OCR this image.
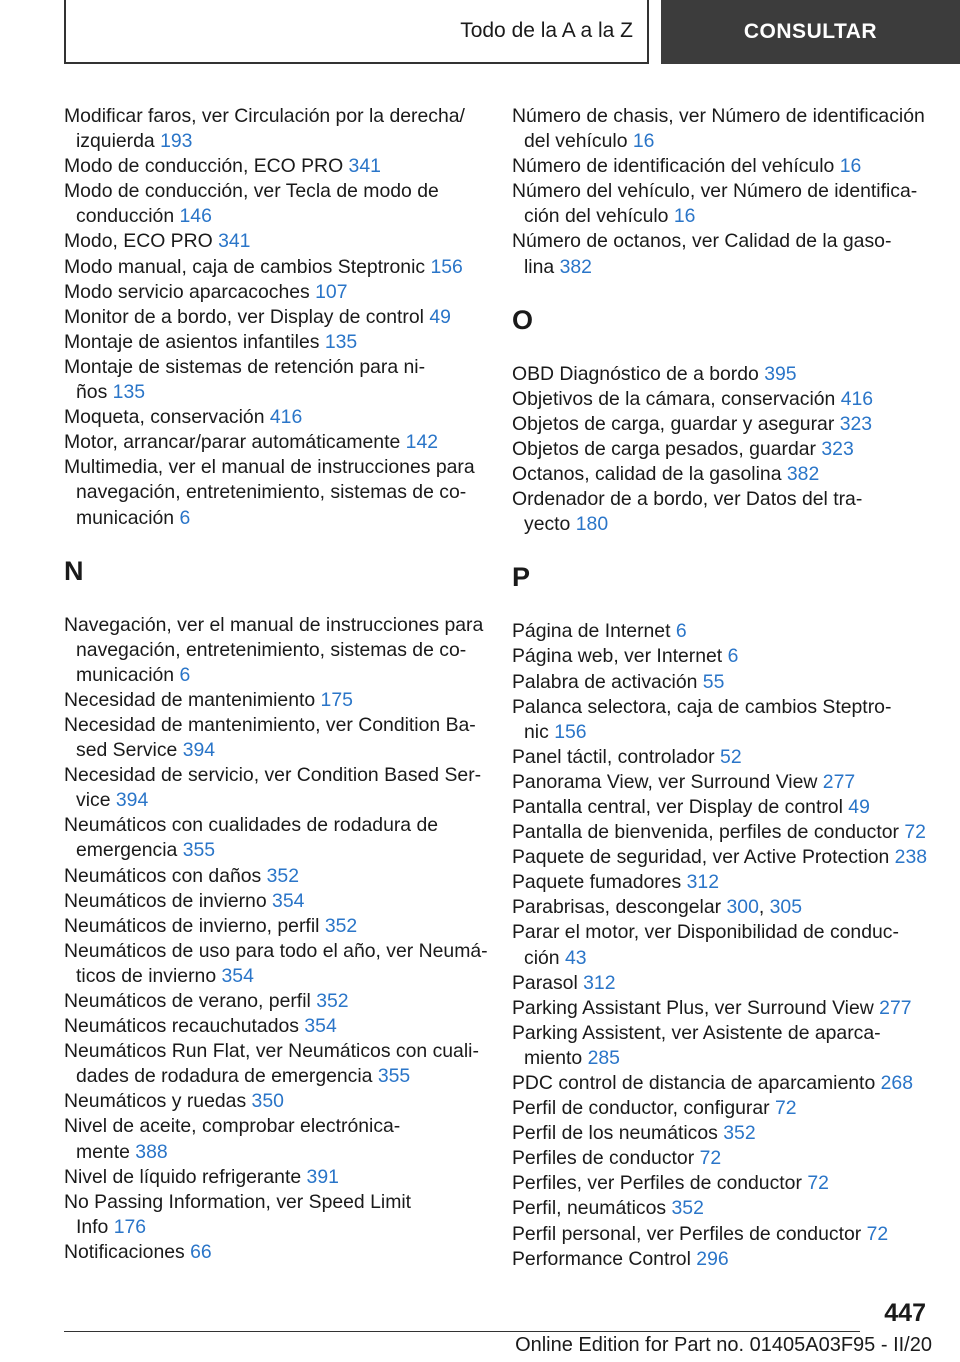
Todo de la A a la Z	CONSULTAR
Modificar faros, ver Circulación por la derecha/
izquierda 193
Modo de conducción, ECO PRO 341
Modo de conducción, ver Tecla de modo de
conducción 146
Modo, ECO PRO 341
Modo manual, caja de cambios Steptronic 156
Modo servicio aparcacoches 107
Monitor de a bordo, ver Display de control 49
Montaje de asientos infantiles 135
Montaje de sistemas de retención para ni-
ños 135
Moqueta, conservación 416
Motor, arrancar/parar automáticamente 142
Multimedia, ver el manual de instrucciones para
navegación, entretenimiento, sistemas de co-
municación 6
N
Navegación, ver el manual de instrucciones para
navegación, entretenimiento, sistemas de co-
municación 6
Necesidad de mantenimiento 175
Necesidad de mantenimiento, ver Condition Ba-
sed Service 394
Necesidad de servicio, ver Condition Based Ser-
vice 394
Neumáticos con cualidades de rodadura de
emergencia 355
Neumáticos con daños 352
Neumáticos de invierno 354
Neumáticos de invierno, perfil 352
Neumáticos de uso para todo el año, ver Neumá-
ticos de invierno 354
Neumáticos de verano, perfil 352
Neumáticos recauchutados 354
Neumáticos Run Flat, ver Neumáticos con cuali-
dades de rodadura de emergencia 355
Neumáticos y ruedas 350
Nivel de aceite, comprobar electrónica-
mente 388
Nivel de líquido refrigerante 391
No Passing Information, ver Speed Limit
Info 176
Notificaciones 66
Número de chasis, ver Número de identificación
del vehículo 16
Número de identificación del vehículo 16
Número del vehículo, ver Número de identifica-
ción del vehículo 16
Número de octanos, ver Calidad de la gaso-
lina 382
O
OBD Diagnóstico de a bordo 395
Objetivos de la cámara, conservación 416
Objetos de carga, guardar y asegurar 323
Objetos de carga pesados, guardar 323
Octanos, calidad de la gasolina 382
Ordenador de a bordo, ver Datos del tra-
yecto 180
P
Página de Internet 6
Página web, ver Internet 6
Palabra de activación 55
Palanca selectora, caja de cambios Steptro-
nic 156
Panel táctil, controlador 52
Panorama View, ver Surround View 277
Pantalla central, ver Display de control 49
Pantalla de bienvenida, perfiles de conductor 72
Paquete de seguridad, ver Active Protection 238
Paquete fumadores 312
Parabrisas, descongelar 300, 305
Parar el motor, ver Disponibilidad de conduc-
ción 43
Parasol 312
Parking Assistant Plus, ver Surround View 277
Parking Assistent, ver Asistente de aparca-
miento 285
PDC control de distancia de aparcamiento 268
Perfil de conductor, configurar 72
Perfil de los neumáticos 352
Perfiles de conductor 72
Perfiles, ver Perfiles de conductor 72
Perfil, neumáticos 352
Perfil personal, ver Perfiles de conductor 72
Performance Control 296
447
Online Edition for Part no. 01405A03F95 - II/20
